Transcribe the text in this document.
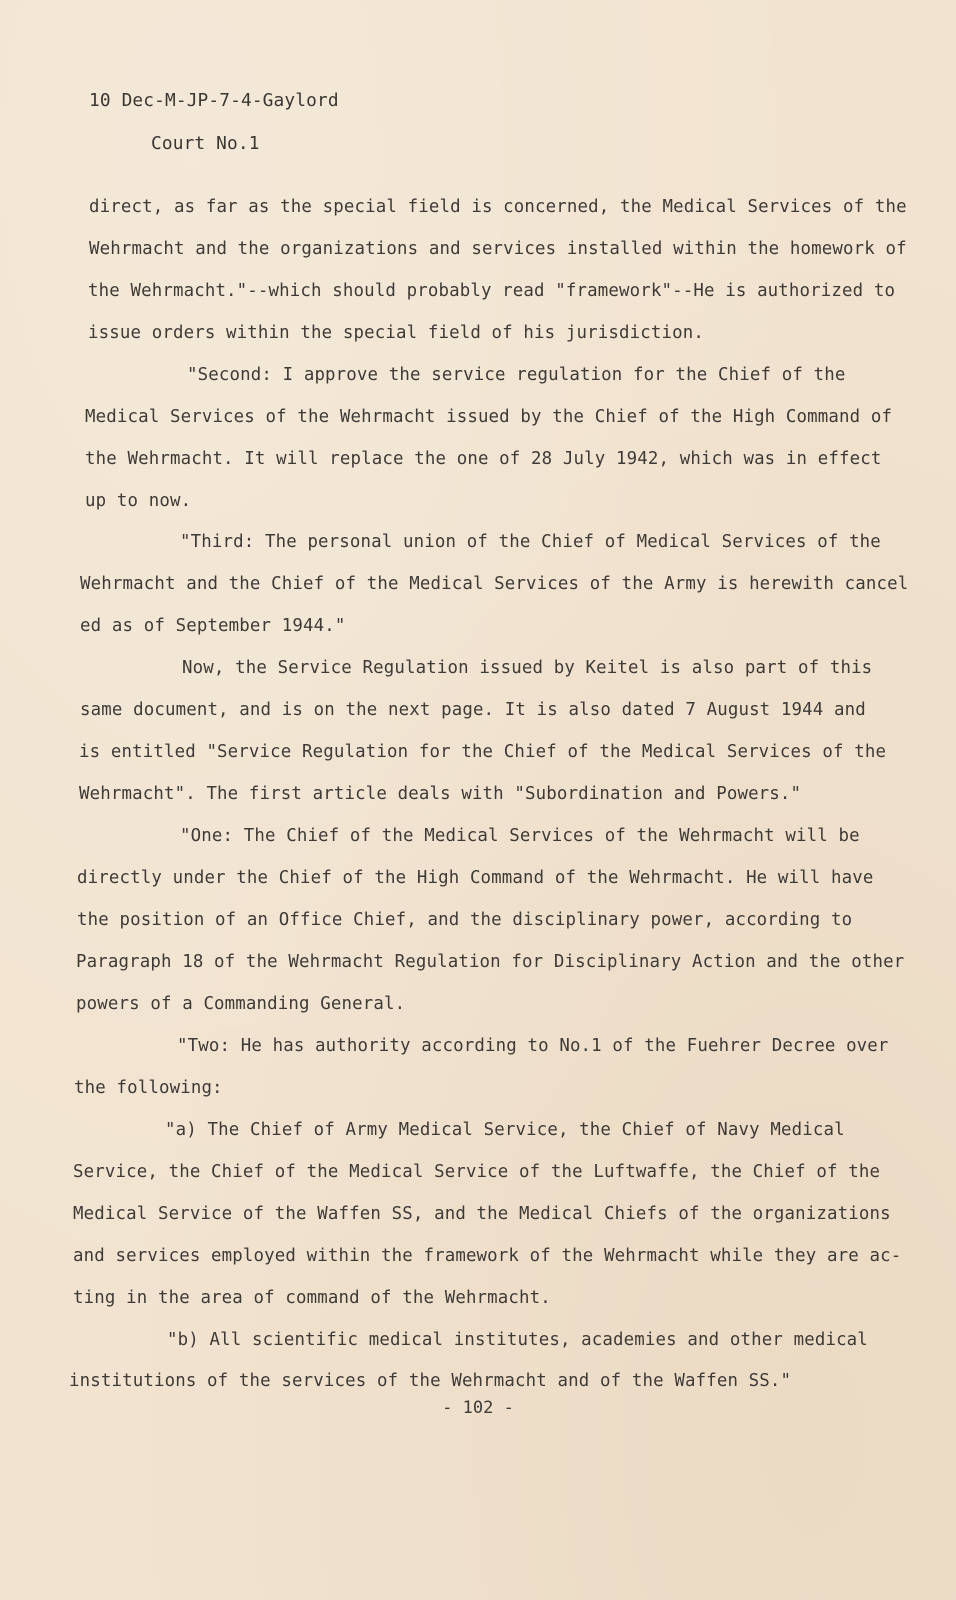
10 Dec-M-JP-7-4-Gaylord
Court No.1
direct, as far as the special field is concerned, the Medical Services of the
Wehrmacht and the organizations and services installed within the homework of
the Wehrmacht."--which should probably read "framework"--He is authorized to
issue orders within the special field of his jurisdiction.
"Second: I approve the service regulation for the Chief of the
Medical Services of the Wehrmacht issued by the Chief of the High Command of
the Wehrmacht. It will replace the one of 28 July 1942, which was in effect
up to now.
"Third: The personal union of the Chief of Medical Services of the
Wehrmacht and the Chief of the Medical Services of the Army is herewith cancel
ed as of September 1944."
Now, the Service Regulation issued by Keitel is also part of this
same document, and is on the next page. It is also dated 7 August 1944 and
is entitled "Service Regulation for the Chief of the Medical Services of the
Wehrmacht". The first article deals with "Subordination and Powers."
"One: The Chief of the Medical Services of the Wehrmacht will be
directly under the Chief of the High Command of the Wehrmacht. He will have
the position of an Office Chief, and the disciplinary power, according to
Paragraph 18 of the Wehrmacht Regulation for Disciplinary Action and the other
powers of a Commanding General.
"Two: He has authority according to No.1 of the Fuehrer Decree over
the following:
"a) The Chief of Army Medical Service, the Chief of Navy Medical
Service, the Chief of the Medical Service of the Luftwaffe, the Chief of the
Medical Service of the Waffen SS, and the Medical Chiefs of the organizations
and services employed within the framework of the Wehrmacht while they are ac-
ting in the area of command of the Wehrmacht.
"b) All scientific medical institutes, academies and other medical
institutions of the services of the Wehrmacht and of the Waffen SS."
- 102 -
